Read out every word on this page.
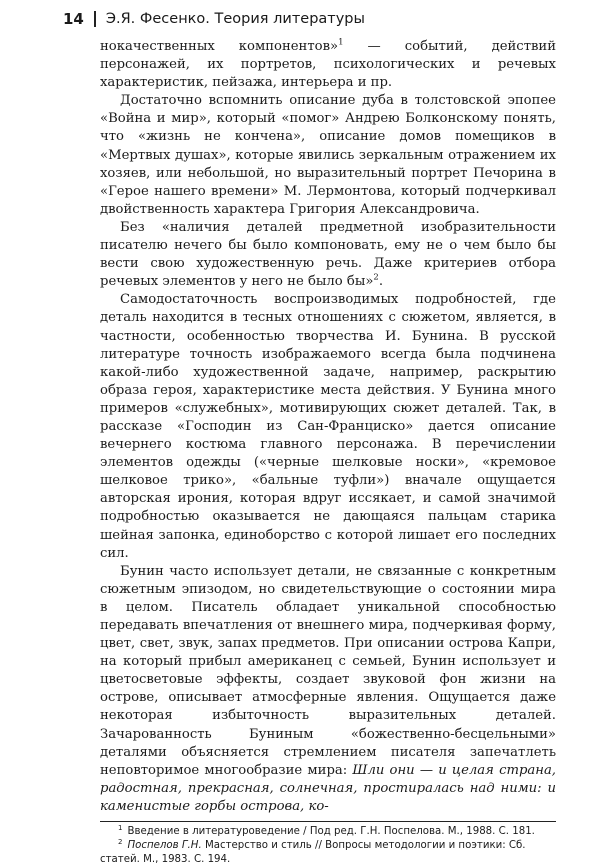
14 Э.Я. Фесенко. Теория литературы

нокачественных компонентов»$^1$ — событий, действий персонажей, их портретов, психологических и речевых характеристик, пейзажа, интерьера и пр.

Достаточно вспомнить описание дуба в толстовской эпопее «Война и мир», который «помог» Андрею Болконскому понять, что «жизнь не кончена», описание домов помещиков в «Мертвых душах», которые явились зеркальным отражением их хозяев, или небольшой, но выразительный портрет Печорина в «Герое нашего времени» М. Лермонтова, который подчеркивал двойственность характера Григория Александровича.

Без «наличия деталей предметной изобразительности писателю нечего бы было компоновать, ему не о чем было бы вести свою художественную речь. Даже критериев отбора речевых элементов у него не было бы»$^2$.

Самодостаточность воспроизводимых подробностей, где деталь находится в тесных отношениях с сюжетом, является, в частности, особенностью творчества И. Бунина. В русской литературе точность изображаемого всегда была подчинена какой-либо художественной задаче, например, раскрытию образа героя, характеристике места действия. У Бунина много примеров «служебных», мотивирующих сюжет деталей. Так, в рассказе «Господин из Сан-Франциско» дается описание вечернего костюма главного персонажа. В перечислении элементов одежды («черные шелковые носки», «кремовое шелковое трико», «бальные туфли») вначале ощущается авторская ирония, которая вдруг иссякает, и самой значимой подробностью оказывается не дающаяся пальцам старика шейная запонка, единоборство с которой лишает его последних сил.

Бунин часто использует детали, не связанные с конкретным сюжетным эпизодом, но свидетельствующие о состоянии мира в целом. Писатель обладает уникальной способностью передавать впечатления от внешнего мира, подчеркивая форму, цвет, свет, звук, запах предметов. При описании острова Капри, на который прибыл американец с семьей, Бунин использует и цветосветовые эффекты, создает звуковой фон жизни на острове, описывает атмосферные явления. Ощущается даже некоторая избыточность выразительных деталей. Зачарованность Буниным «божественно-бесцельными» деталями объясняется стремлением писателя запечатлеть неповторимое многообразие мира: Шли они — и целая страна, радостная, прекрасная, солнечная, простиралась над ними: и каменистые горбы острова, ко-

$^1$ Введение в литературоведение / Под ред. Г.Н. Поспелова. М., 1988. С. 181.

$^2$ Поспелов Г.Н. Мастерство и стиль // Вопросы методологии и поэтики: Сб. статей. М., 1983. С. 194.
